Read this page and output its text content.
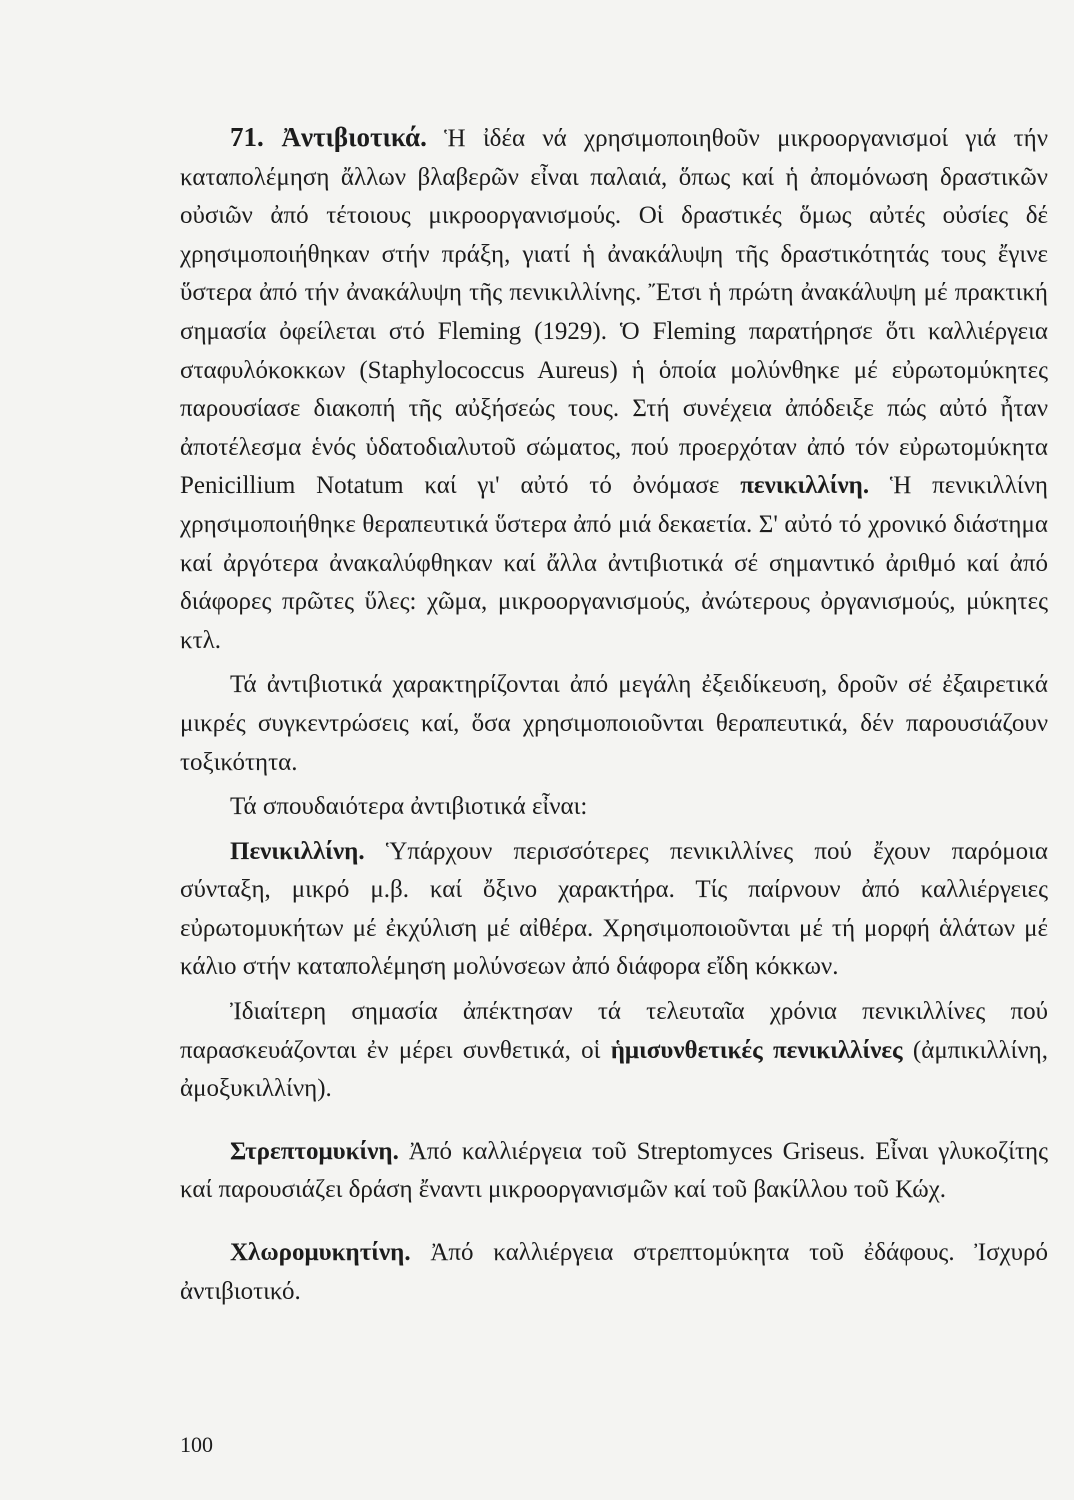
71. Ἀντιβιοτικά. Ἡ ἰδέα νά χρησιμοποιηθοῦν μικροοργανισμοί γιά τήν καταπολέμηση ἄλλων βλαβερῶν εἶναι παλαιά, ὅπως καί ἡ ἀπομόνωση δραστικῶν οὐσιῶν ἀπό τέτοιους μικροοργανισμούς. Οἱ δραστικές ὅμως αὐτές οὐσίες δέ χρησιμοποιήθηκαν στήν πράξη, γιατί ἡ ἀνακάλυψη τῆς δραστικότητάς τους ἔγινε ὕστερα ἀπό τήν ἀνακάλυψη τῆς πενικιλλίνης. Ἔτσι ἡ πρώτη ἀνακάλυψη μέ πρακτική σημασία ὀφείλεται στό Fleming (1929). Ὁ Fleming παρατήρησε ὅτι καλλιέργεια σταφυλόκοκκων (Staphylococcus Aureus) ἡ ὁποία μολύνθηκε μέ εὐρωτομύκητες παρουσίασε διακοπή τῆς αὐξήσεώς τους. Στή συνέχεια ἀπόδειξε πώς αὐτό ἦταν ἀποτέλεσμα ἑνός ὑδατοδιαλυτοῦ σώματος, πού προερχόταν ἀπό τόν εὐρωτομύκητα Penicillium Notatum καί γι' αὐτό τό ὀνόμασε πενικιλλίνη. Ἡ πενικιλλίνη χρησιμοποιήθηκε θεραπευτικά ὕστερα ἀπό μιά δεκαετία. Σ' αὐτό τό χρονικό διάστημα καί ἀργότερα ἀνακαλύφθηκαν καί ἄλλα ἀντιβιοτικά σέ σημαντικό ἀριθμό καί ἀπό διάφορες πρῶτες ὕλες: χῶμα, μικροοργανισμούς, ἀνώτερους ὀργανισμούς, μύκητες κτλ.

Τά ἀντιβιοτικά χαρακτηρίζονται ἀπό μεγάλη ἐξειδίκευση, δροῦν σέ ἐξαιρετικά μικρές συγκεντρώσεις καί, ὅσα χρησιμοποιοῦνται θεραπευτικά, δέν παρουσιάζουν τοξικότητα.

Τά σπουδαιότερα ἀντιβιοτικά εἶναι:

Πενικιλλίνη. Ὑπάρχουν περισσότερες πενικιλλίνες πού ἔχουν παρόμοια σύνταξη, μικρό μ.β. καί ὄξινο χαρακτήρα. Τίς παίρνουν ἀπό καλλιέργειες εὐρωτομυκήτων μέ ἐκχύλιση μέ αἰθέρα. Χρησιμοποιοῦνται μέ τή μορφή ἁλάτων μέ κάλιο στήν καταπολέμηση μολύνσεων ἀπό διάφορα εἴδη κόκκων.

Ἰδιαίτερη σημασία ἀπέκτησαν τά τελευταῖα χρόνια πενικιλλίνες πού παρασκευάζονται ἐν μέρει συνθετικά, οἱ ἡμισυνθετικές πενικιλλίνες (ἀμπικιλλίνη, ἀμοξυκιλλίνη).

Στρεπτομυκίνη. Ἀπό καλλιέργεια τοῦ Streptomyces Griseus. Εἶναι γλυκοζίτης καί παρουσιάζει δράση ἔναντι μικροοργανισμῶν καί τοῦ βακίλλου τοῦ Κώχ.

Χλωρομυκητίνη. Ἀπό καλλιέργεια στρεπτομύκητα τοῦ ἐδάφους. Ἰσχυρό ἀντιβιοτικό.

100
